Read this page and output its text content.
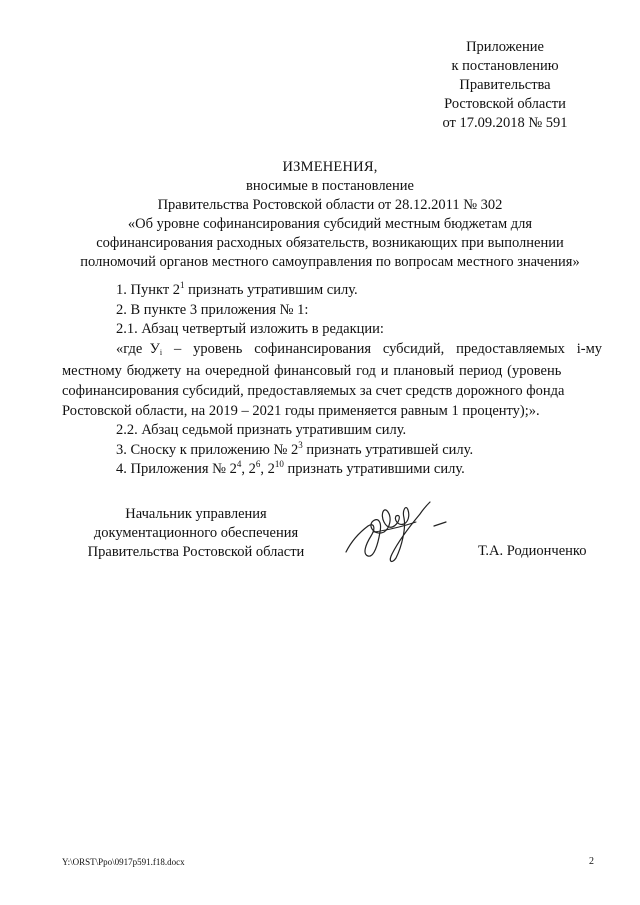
Приложение
к постановлению
Правительства
Ростовской области
от 17.09.2018 № 591
ИЗМЕНЕНИЯ,
вносимые в постановление
Правительства Ростовской области от 28.12.2011 № 302
«Об уровне софинансирования субсидий местным бюджетам для
софинансирования расходных обязательств, возникающих при выполнении
полномочий органов местного самоуправления по вопросам местного значения»
1. Пункт $2^1$ признать утратившим силу.
2. В пункте 3 приложения № 1:
2.1. Абзац четвертый изложить в редакции:
«где Уi – уровень софинансирования субсидий, предоставляемых i-му
местному бюджету на очередной финансовый год и плановый период (уровень
софинансирования субсидий, предоставляемых за счет средств дорожного фонда
Ростовской области, на 2019 – 2021 годы применяется равным 1 проценту);».
2.2. Абзац седьмой признать утратившим силу.
3. Сноску к приложению № $2^3$ признать утратившей силу.
4. Приложения № $2^4$, $2^6$, $2^{10}$ признать утратившими силу.
Начальник управления
документационного обеспечения
Правительства Ростовской области	Т.А. Родионченко
Y:\ORST\Ppo\0917p591.f18.docx	2
